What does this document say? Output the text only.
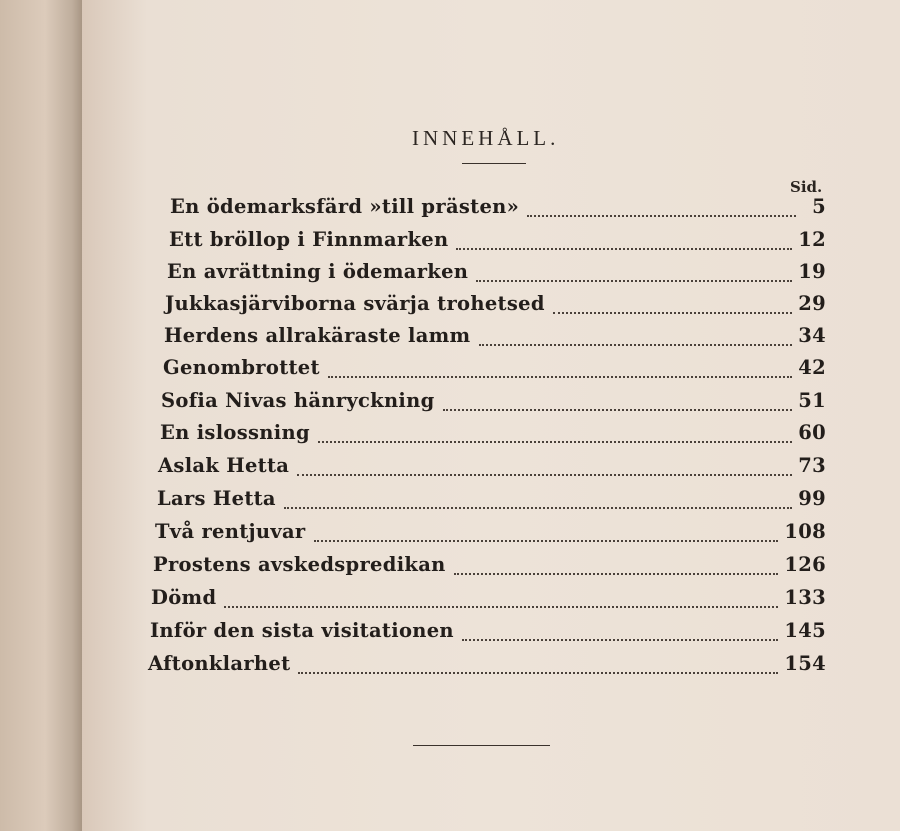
INNEHÅLL.
Sid.
En ödemarksfärd »till prästen»	5
Ett bröllop i Finnmarken	12
En avrättning i ödemarken	19
Jukkasjärviborna svärja trohetsed	29
Herdens allrakäraste lamm	34
Genombrottet	42
Sofia Nivas hänryckning	51
En islossning	60
Aslak Hetta	73
Lars Hetta	99
Två rentjuvar	108
Prostens avskedspredikan	126
Dömd	133
Inför den sista visitationen	145
Aftonklarhet	154
